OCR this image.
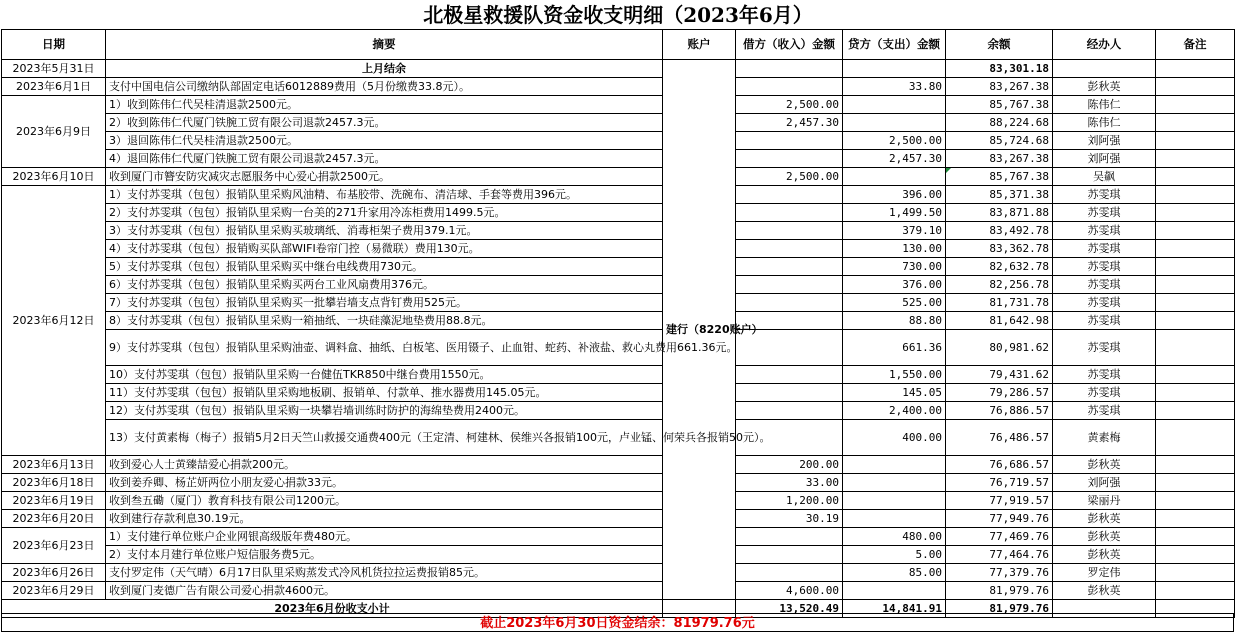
北极星救援队资金收支明细（2023年6月）
日期	摘要	账户	借方（收入）金额	贷方（支出）金额	余额	经办人	备注
2023年5月31日	上月结余	建行（8220账户）			83,301.18		
2023年6月1日	支付中国电信公司缴纳队部固定电话6012889费用（5月份缴费33.8元）。			33.80	83,267.38	彭秋英	
2023年6月9日	1）收到陈伟仁代吴桂清退款2500元。		2,500.00		85,767.38	陈伟仁	
	2）收到陈伟仁代厦门铁腕工贸有限公司退款2457.3元。		2,457.30		88,224.68	陈伟仁	
	3）退回陈伟仁代吴桂清退款2500元。			2,500.00	85,724.68	刘阿强	
	4）退回陈伟仁代厦门铁腕工贸有限公司退款2457.3元。			2,457.30	83,267.38	刘阿强	
2023年6月10日	收到厦门市簪安防灾减灾志愿服务中心爱心捐款2500元。		2,500.00		85,767.38	吴飙	
2023年6月12日	1）支付苏雯琪（包包）报销队里采购风油精、布基胶带、洗碗布、清洁球、手套等费用396元。			396.00	85,371.38	苏雯琪	
	2）支付苏雯琪（包包）报销队里采购一台美的271升家用冷冻柜费用1499.5元。			1,499.50	83,871.88	苏雯琪	
	3）支付苏雯琪（包包）报销队里采购买玻璃纸、消毒柜架子费用379.1元。			379.10	83,492.78	苏雯琪	
	4）支付苏雯琪（包包）报销购买队部WIFI卷帘门控（易微联）费用130元。			130.00	83,362.78	苏雯琪	
	5）支付苏雯琪（包包）报销队里采购买中继台电线费用730元。			730.00	82,632.78	苏雯琪	
	6）支付苏雯琪（包包）报销队里采购买两台工业风扇费用376元。			376.00	82,256.78	苏雯琪	
	7）支付苏雯琪（包包）报销队里采购买一批攀岩墙支点背钉费用525元。			525.00	81,731.78	苏雯琪	
	8）支付苏雯琪（包包）报销队里采购一箱抽纸、一块硅藻泥地垫费用88.8元。			88.80	81,642.98	苏雯琪	
	9）支付苏雯琪（包包）报销队里采购油壶、调料盒、抽纸、白板笔、医用镊子、止血钳、蛇药、补液盐、救心丸费用661.36元。			661.36	80,981.62	苏雯琪	
	10）支付苏雯琪（包包）报销队里采购一台健伍TKR850中继台费用1550元。			1,550.00	79,431.62	苏雯琪	
	11）支付苏雯琪（包包）报销队里采购地板刷、报销单、付款单、推水器费用145.05元。			145.05	79,286.57	苏雯琪	
	12）支付苏雯琪（包包）报销队里采购一块攀岩墙训练时防护的海绵垫费用2400元。			2,400.00	76,886.57	苏雯琪	
	13）支付黄素梅（梅子）报销5月2日天竺山救援交通费400元（王定清、柯建林、侯维兴各报销100元，卢业锰、何荣兵各报销50元）。			400.00	76,486.57	黄素梅	
2023年6月13日	收到爱心人士黄臻喆爱心捐款200元。		200.00		76,686.57	彭秋英	
2023年6月18日	收到姜乔卿、杨芷妍两位小朋友爱心捐款33元。		33.00		76,719.57	刘阿强	
2023年6月19日	收到叁五磡（厦门）教育科技有限公司1200元。		1,200.00		77,919.57	梁丽丹	
2023年6月20日	收到建行存款利息30.19元。		30.19		77,949.76	彭秋英	
2023年6月23日	1）支付建行单位账户企业网银高级版年费480元。			480.00	77,469.76	彭秋英	
	2）支付本月建行单位账户短信服务费5元。			5.00	77,464.76	彭秋英	
2023年6月26日	支付罗定伟（天气晴）6月17日队里采购蒸发式冷风机货拉拉运费报销85元。			85.00	77,379.76	罗定伟	
2023年6月29日	收到厦门麦德广告有限公司爱心捐款4600元。		4,600.00		81,979.76	彭秋英	
2023年6月份收支小计			13,520.49	14,841.91	81,979.76		
截止2023年6月30日资金结余：81979.76元
